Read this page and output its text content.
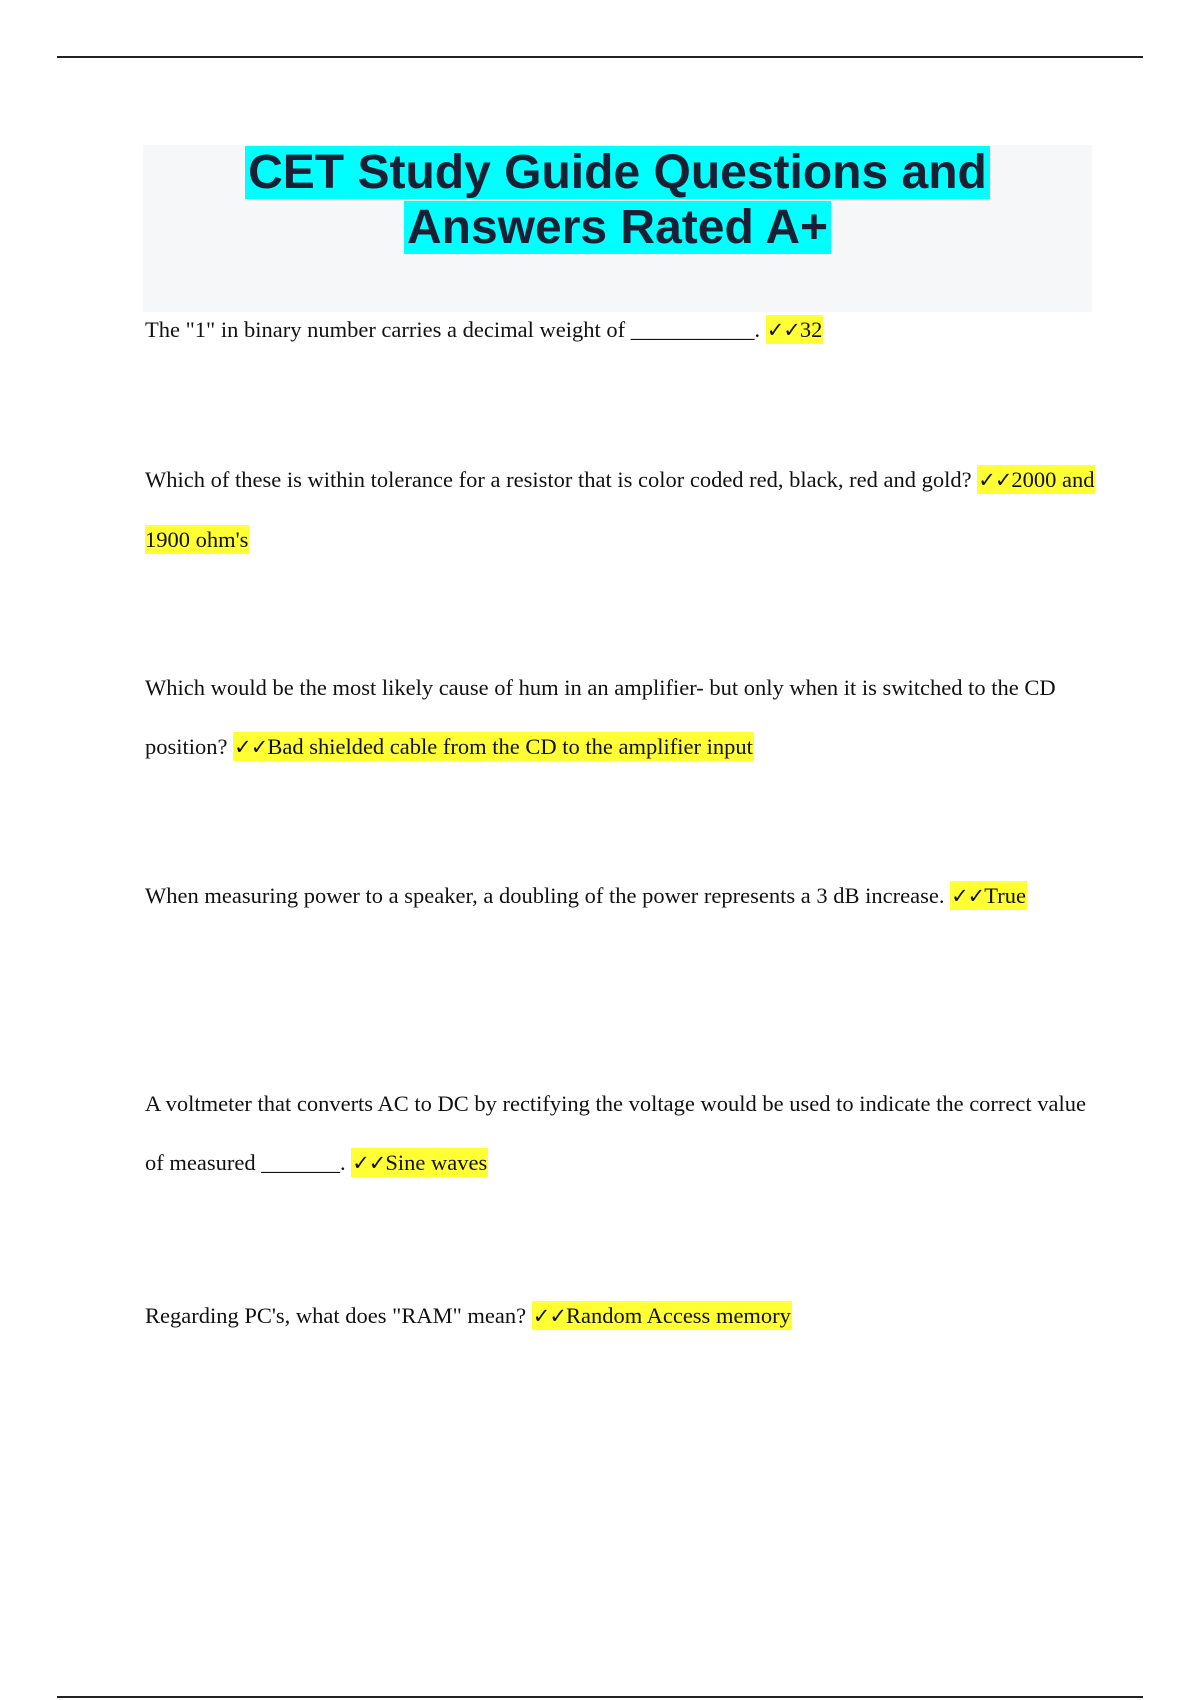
CET Study Guide Questions and
Answers Rated A+

The "1" in binary number carries a decimal weight of ___________. ✓✓32

Which of these is within tolerance for a resistor that is color coded red, black, red and gold? ✓✓2000 and 1900 ohm's

Which would be the most likely cause of hum in an amplifier- but only when it is switched to the CD position? ✓✓Bad shielded cable from the CD to the amplifier input

When measuring power to a speaker, a doubling of the power represents a 3 dB increase. ✓✓True

A voltmeter that converts AC to DC by rectifying the voltage would be used to indicate the correct value of measured _______. ✓✓Sine waves

Regarding PC's, what does "RAM" mean? ✓✓Random Access memory
